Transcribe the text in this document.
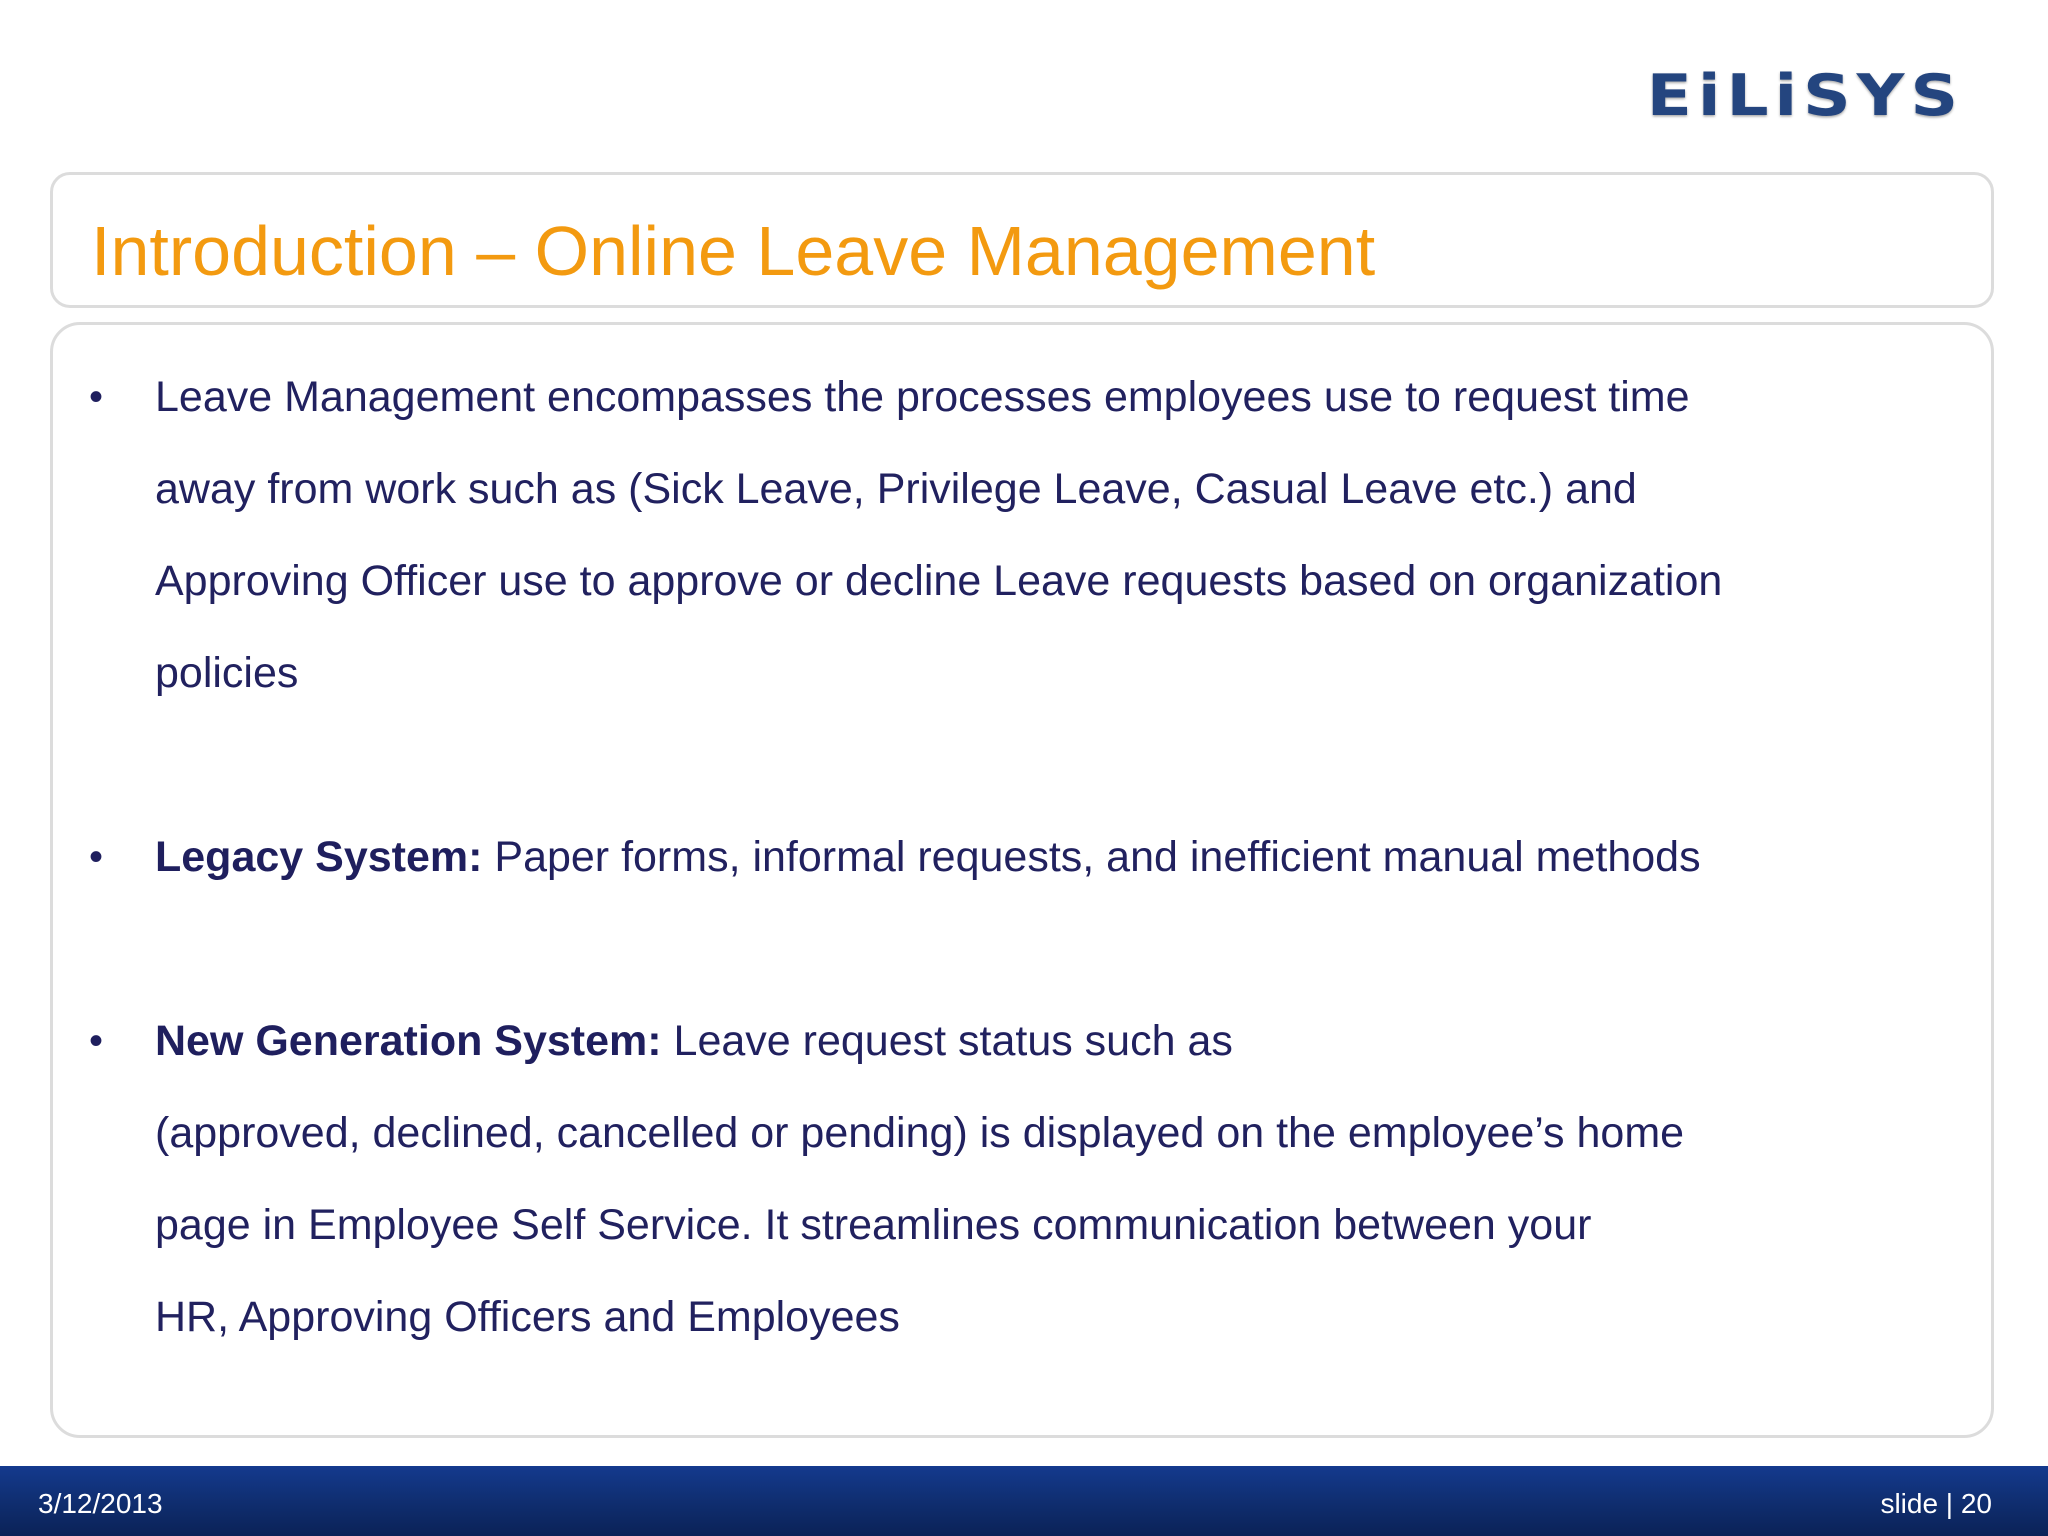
EiLiSYS
Introduction – Online Leave Management
• Leave Management encompasses the processes employees use to request time
away from work such as (Sick Leave, Privilege Leave, Casual Leave etc.) and
Approving Officer use to approve or decline Leave requests based on organization
policies
• Legacy System: Paper forms, informal requests, and inefficient manual methods
• New Generation System: Leave request status such as
(approved, declined, cancelled or pending) is displayed on the employee’s home
page in Employee Self Service. It streamlines communication between your
HR, Approving Officers and Employees
3/12/2013	slide | 20
